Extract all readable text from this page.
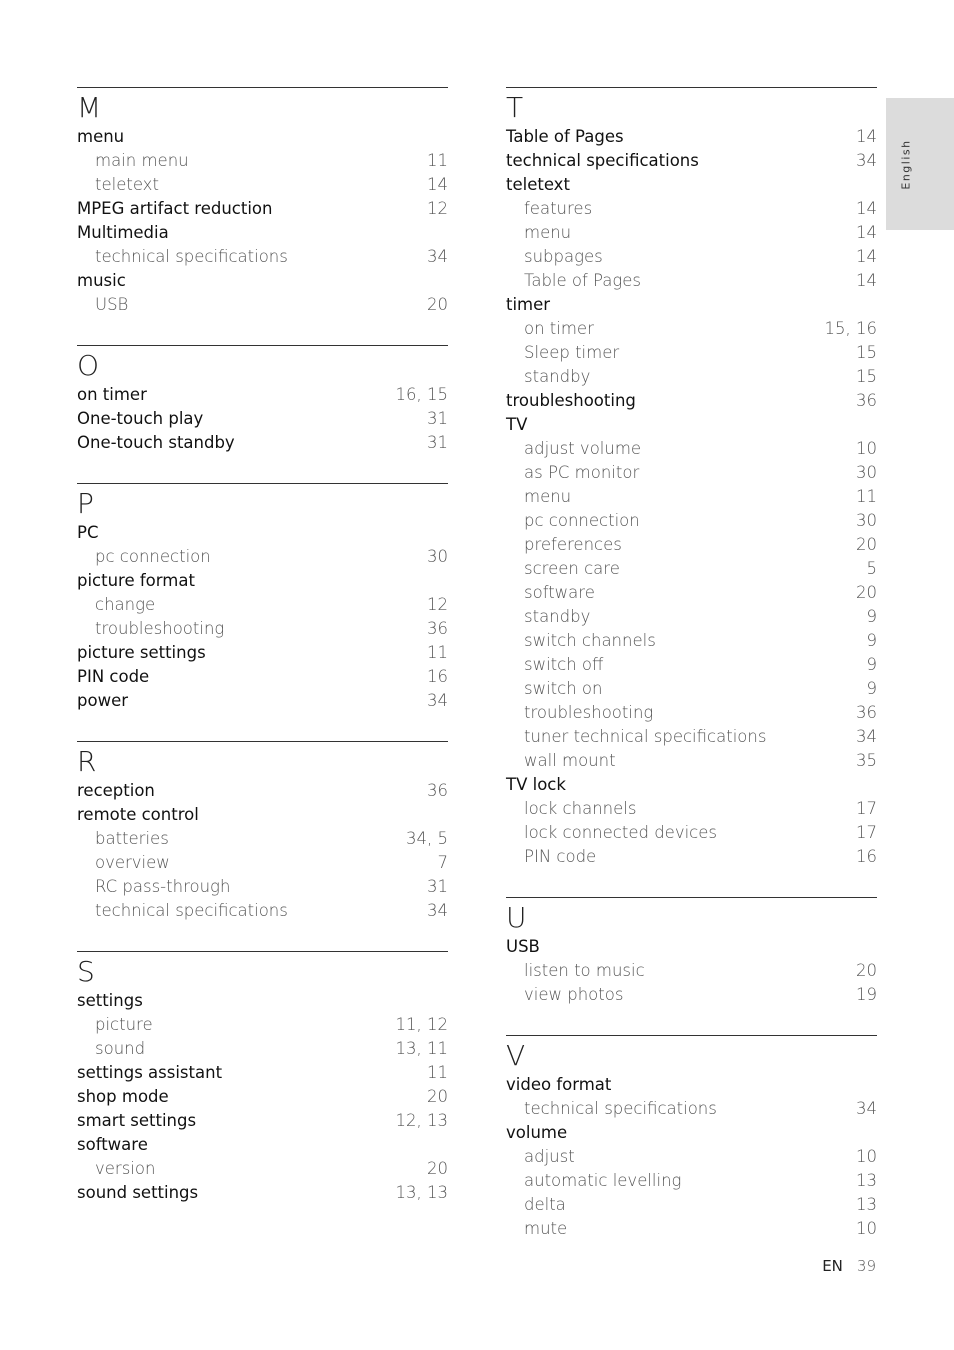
M
menu
main menu	11
teletext	14
MPEG artifact reduction	12
Multimedia
technical specifications	34
music
USB	20
O
on timer	16, 15
One-touch play	31
One-touch standby	31
P
PC
pc connection	30
picture format
change	12
troubleshooting	36
picture settings	11
PIN code	16
power	34
R
reception	36
remote control
batteries	34, 5
overview	7
RC pass-through	31
technical specifications	34
S
settings
picture	11, 12
sound	13, 11
settings assistant	11
shop mode	20
smart settings	12, 13
software
version	20
sound settings	13, 13
T
Table of Pages	14
technical specifications	34
teletext
features	14
menu	14
subpages	14
Table of Pages	14
timer
on timer	15, 16
Sleep timer	15
standby	15
troubleshooting	36
TV
adjust volume	10
as PC monitor	30
menu	11
pc connection	30
preferences	20
screen care	5
software	20
standby	9
switch channels	9
switch off	9
switch on	9
troubleshooting	36
tuner technical specifications	34
wall mount	35
TV lock
lock channels	17
lock connected devices	17
PIN code	16
U
USB
listen to music	20
view photos	19
V
video format
technical specifications	34
volume
adjust	10
automatic levelling	13
delta	13
mute	10
English
EN 39
